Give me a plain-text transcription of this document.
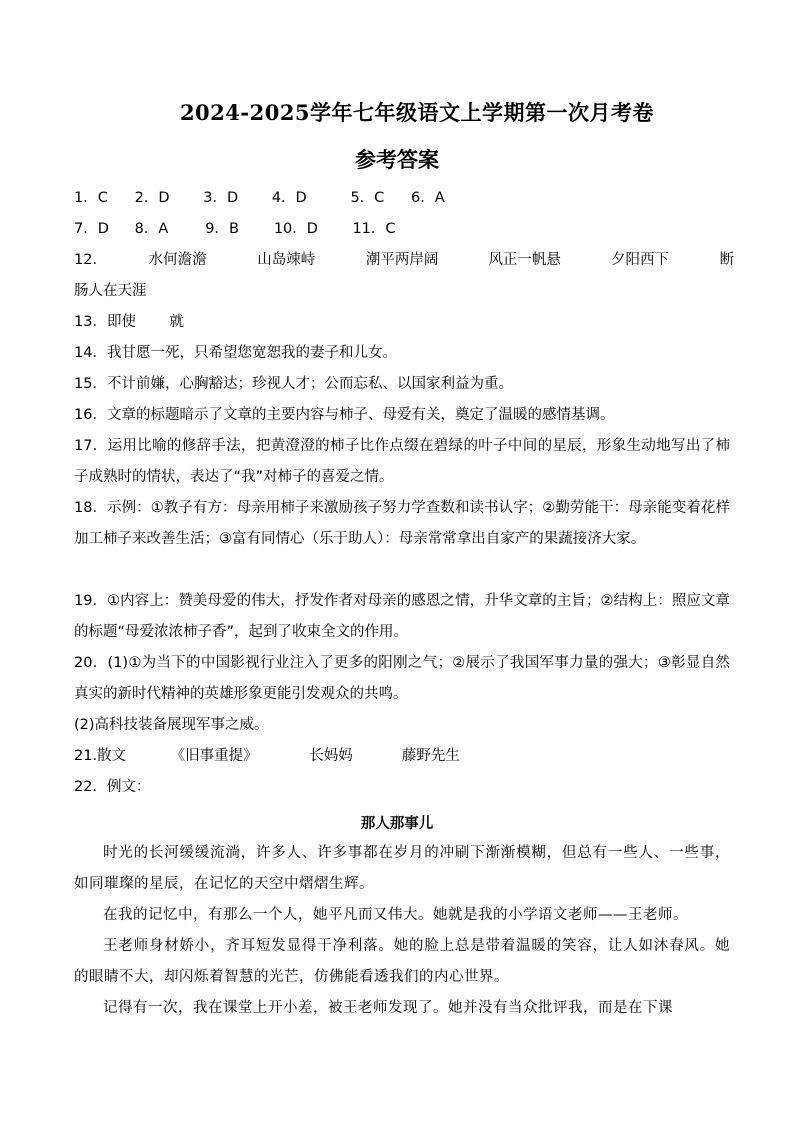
2024-2025学年七年级语文上学期第一次月考卷
参考答案
1．C 2．D 3．D 4．D	5．C 6．A
7．D 8．A	9．B 10．D 11．C
12．	水何澹澹	山岛竦峙	潮平两岸阔	风正一帆悬	夕阳西下	断
肠人在天涯
13．即使　　 就
14．我甘愿一死，只希望您宽恕我的妻子和儿女。
15．不计前嫌，心胸豁达；珍视人才；公而忘私、以国家利益为重。
16．文章的标题暗示了文章的主要内容与柿子、母爱有关，奠定了温暖的感情基调。
17．运用比喻的修辞手法，把黄澄澄的柿子比作点缀在碧绿的叶子中间的星辰，形象生动地写出了柿子成熟时的情状，表达了“我”对柿子的喜爱之情。
18．示例：①教子有方：母亲用柿子来激励孩子努力学查数和读书认字；②勤劳能干：母亲能变着花样加工柿子来改善生活；③富有同情心（乐于助人）：母亲常常拿出自家产的果蔬接济大家。
19．①内容上：赞美母爱的伟大，抒发作者对母亲的感恩之情，升华文章的主旨；②结构上：照应文章的标题“母爱浓浓柿子香”，起到了收束全文的作用。
20．(1)①为当下的中国影视行业注入了更多的阳刚之气；②展示了我国军事力量的强大；③彰显自然真实的新时代精神的英雄形象更能引发观众的共鸣。
(2)高科技装备展现军事之威。
21.散文	《旧事重提》	长妈妈	藤野先生
22．例文：
那人那事儿
时光的长河缓缓流淌，许多人、许多事都在岁月的冲刷下渐渐模糊，但总有一些人、一些事，如同璀璨的星辰，在记忆的天空中熠熠生辉。
在我的记忆中，有那么一个人，她平凡而又伟大。她就是我的小学语文老师——王老师。
王老师身材娇小，齐耳短发显得干净利落。她的脸上总是带着温暖的笑容，让人如沐春风。她的眼睛不大，却闪烁着智慧的光芒，仿佛能看透我们的内心世界。
记得有一次，我在课堂上开小差，被王老师发现了。她并没有当众批评我，而是在下课
